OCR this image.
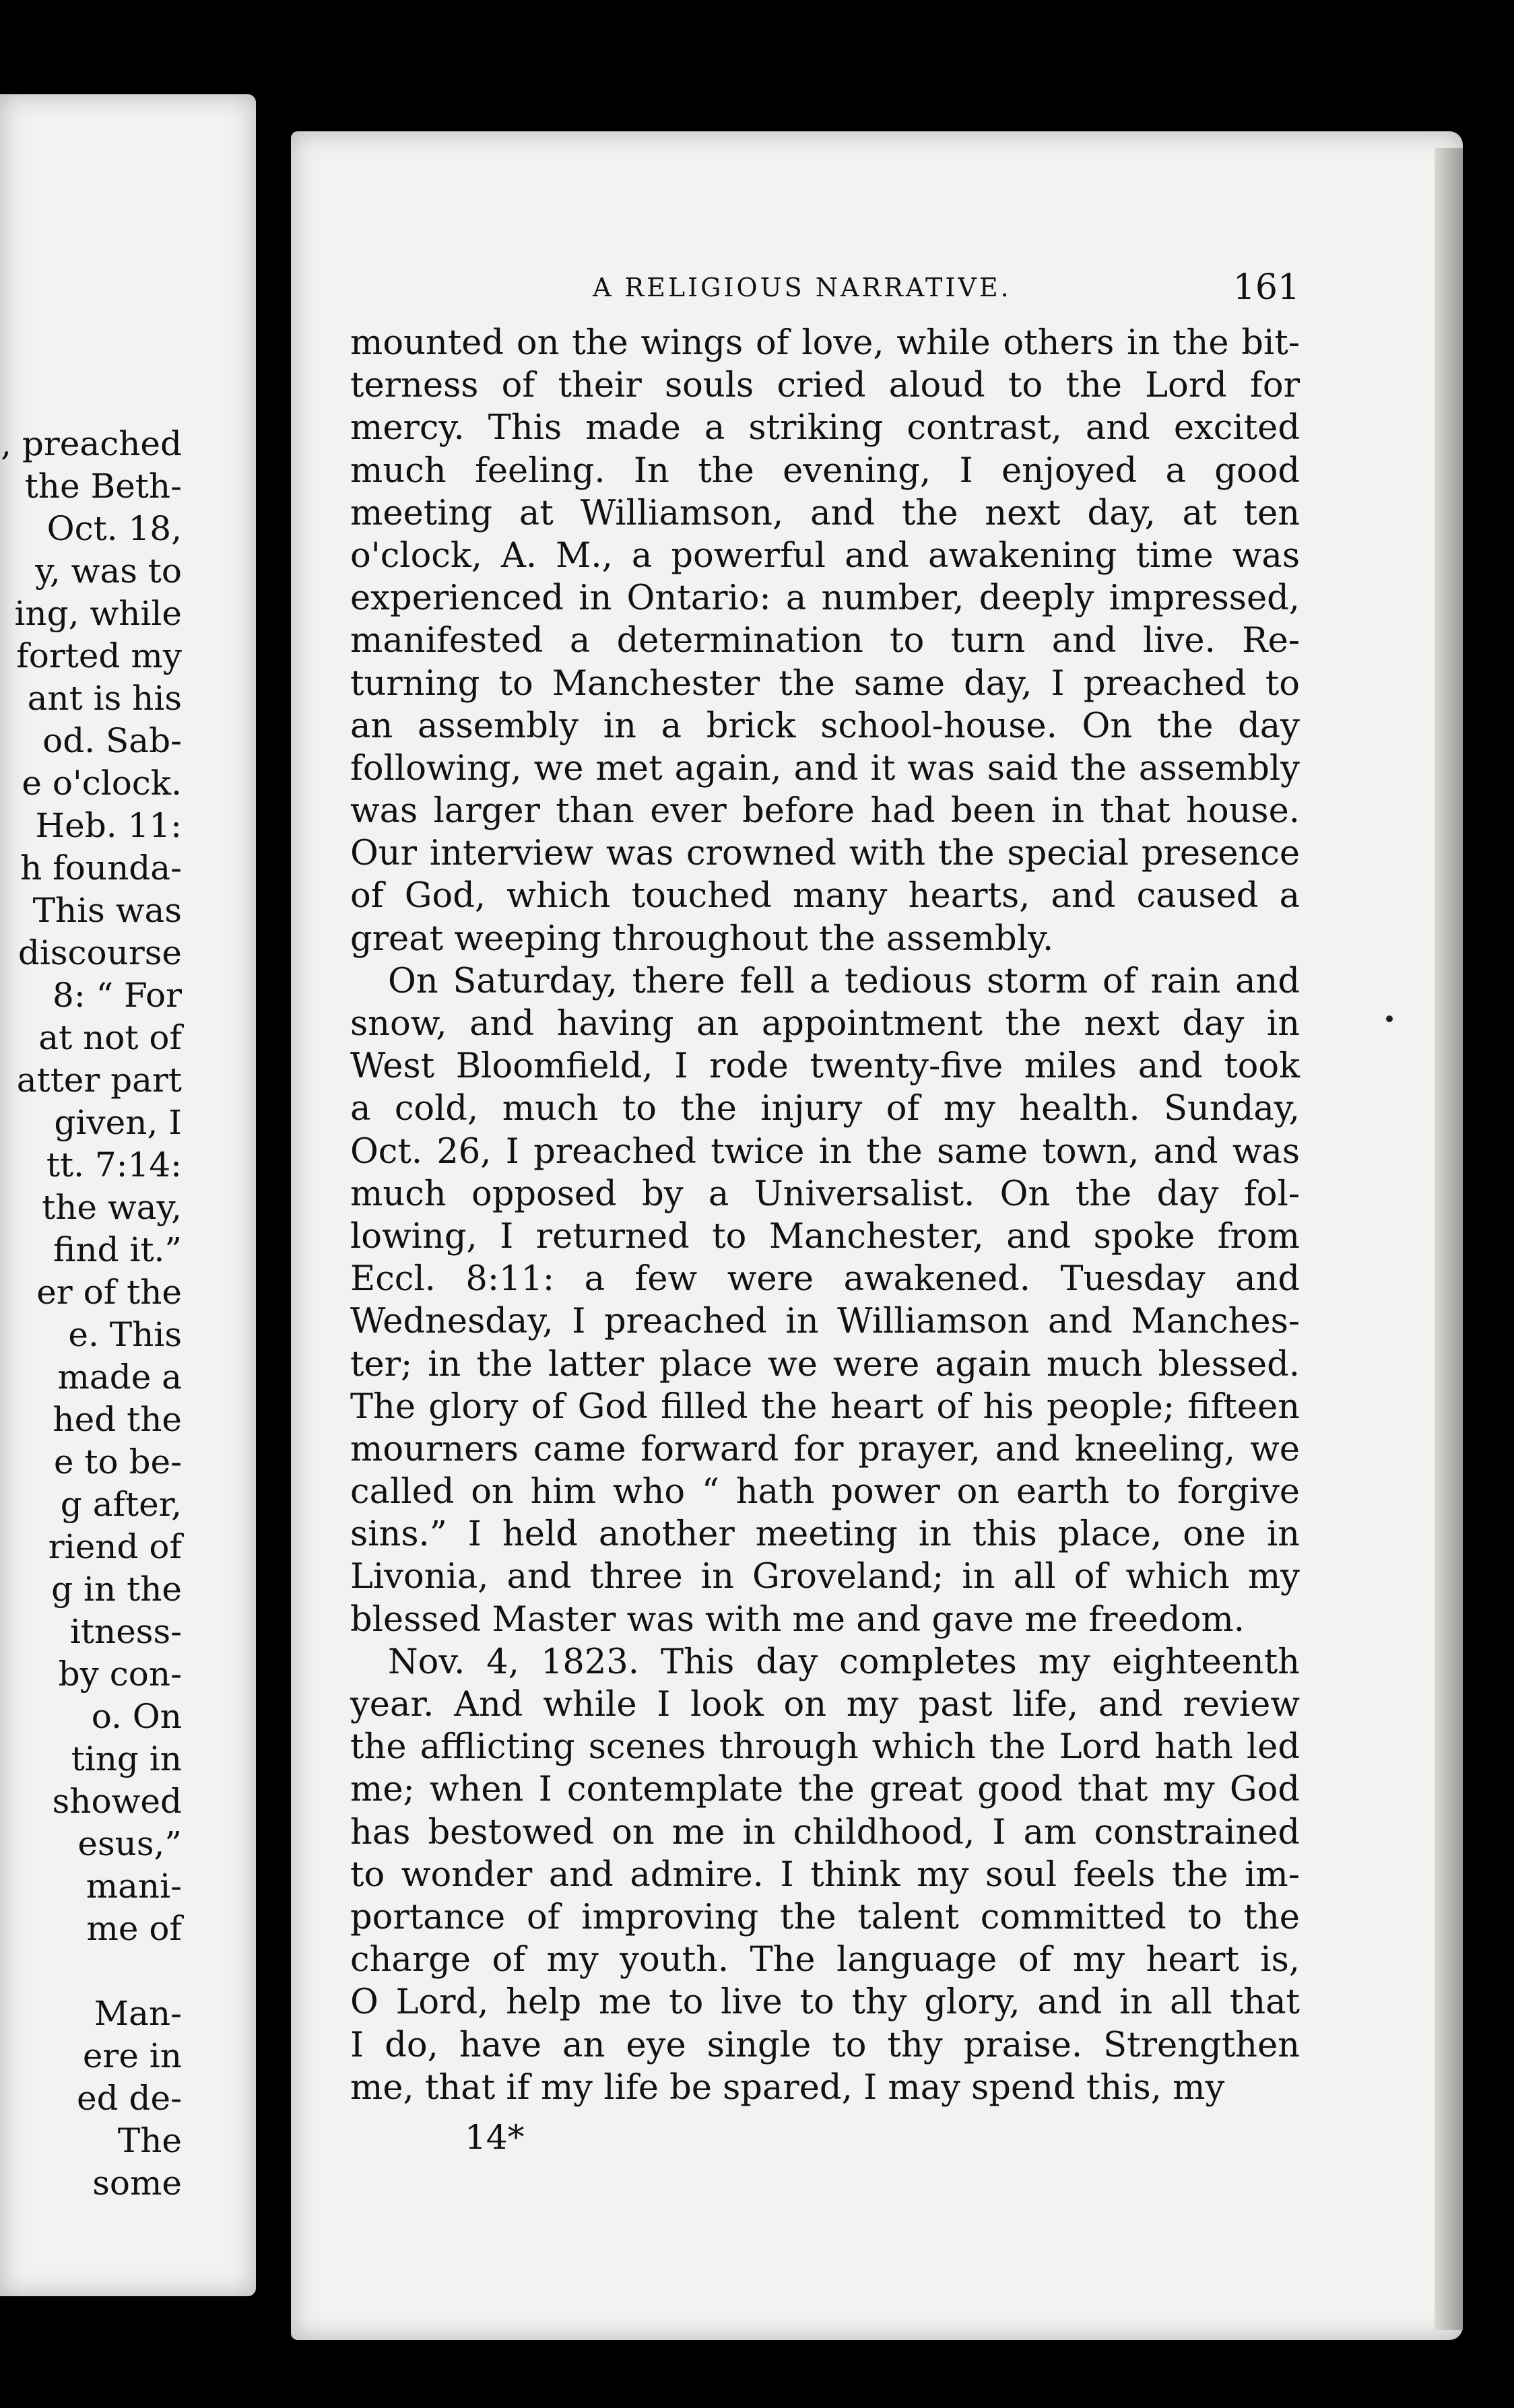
, preached
the Beth-
Oct. 18,
y, was to
ing, while
forted my
ant is his
od. Sab-
e o'clock.
Heb. 11:
h founda-
This was
discourse
8: “ For
at not of
atter part
given, I
tt. 7:14:
the way,
find it.”
er of the
e. This
made a
hed the
e to be-
g after,
riend of
g in the
itness-
by con-
o. On
ting in
showed
esus,”
mani-
me of
Man-
ere in
ed de-
The
some
A RELIGIOUS NARRATIVE.	161
mounted on the wings of love, while others in the bit-
terness of their souls cried aloud to the Lord for
mercy. This made a striking contrast, and excited
much feeling. In the evening, I enjoyed a good
meeting at Williamson, and the next day, at ten
o'clock, A. M., a powerful and awakening time was
experienced in Ontario: a number, deeply impressed,
manifested a determination to turn and live. Re-
turning to Manchester the same day, I preached to
an assembly in a brick school-house. On the day
following, we met again, and it was said the assembly
was larger than ever before had been in that house.
Our interview was crowned with the special presence
of God, which touched many hearts, and caused a
great weeping throughout the assembly.
On Saturday, there fell a tedious storm of rain and
snow, and having an appointment the next day in
West Bloomfield, I rode twenty-five miles and took
a cold, much to the injury of my health. Sunday,
Oct. 26, I preached twice in the same town, and was
much opposed by a Universalist. On the day fol-
lowing, I returned to Manchester, and spoke from
Eccl. 8:11: a few were awakened. Tuesday and
Wednesday, I preached in Williamson and Manches-
ter; in the latter place we were again much blessed.
The glory of God filled the heart of his people; fifteen
mourners came forward for prayer, and kneeling, we
called on him who “ hath power on earth to forgive
sins.” I held another meeting in this place, one in
Livonia, and three in Groveland; in all of which my
blessed Master was with me and gave me freedom.
Nov. 4, 1823. This day completes my eighteenth
year. And while I look on my past life, and review
the afflicting scenes through which the Lord hath led
me; when I contemplate the great good that my God
has bestowed on me in childhood, I am constrained
to wonder and admire. I think my soul feels the im-
portance of improving the talent committed to the
charge of my youth. The language of my heart is,
O Lord, help me to live to thy glory, and in all that
I do, have an eye single to thy praise. Strengthen
me, that if my life be spared, I may spend this, my
14*
